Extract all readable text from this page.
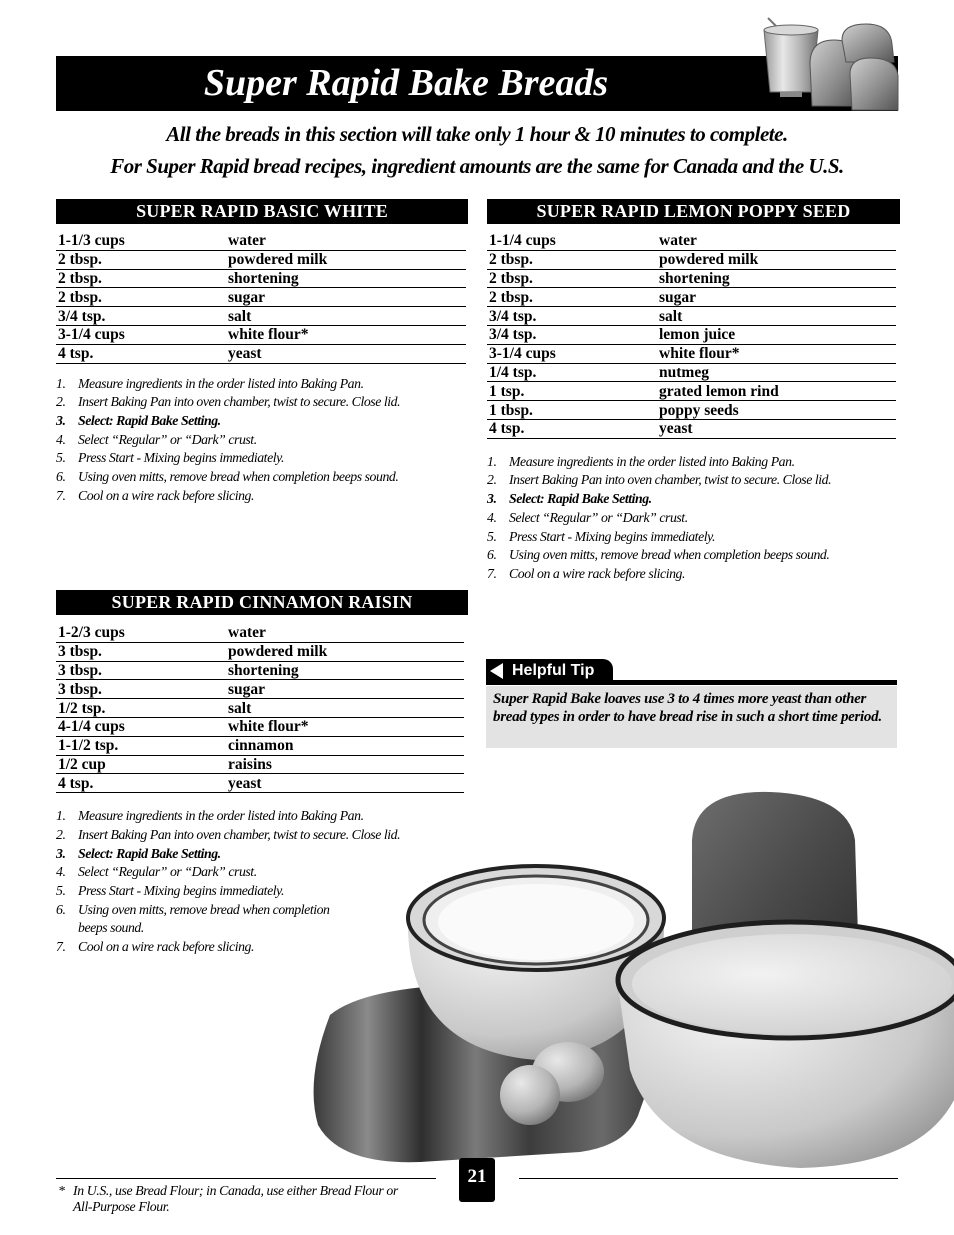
Super Rapid Bake Breads

All the breads in this section will take only 1 hour & 10 minutes to complete.

For Super Rapid bread recipes, ingredient amounts are the same for Canada and the U.S.

SUPER RAPID BASIC WHITE
1-1/3 cups	water
2 tbsp.	powdered milk
2 tbsp.	shortening
2 tbsp.	sugar
3/4 tsp.	salt
3-1/4 cups	white flour*
4 tsp.	yeast
1. Measure ingredients in the order listed into Baking Pan.
2. Insert Baking Pan into oven chamber, twist to secure. Close lid.
3. Select: Rapid Bake Setting.
4. Select “Regular” or “Dark” crust.
5. Press Start - Mixing begins immediately.
6. Using oven mitts, remove bread when completion beeps sound.
7. Cool on a wire rack before slicing.
SUPER RAPID LEMON POPPY SEED
1-1/4 cups	water
2 tbsp.	powdered milk
2 tbsp.	shortening
2 tbsp.	sugar
3/4 tsp.	salt
3/4 tsp.	lemon juice
3-1/4 cups	white flour*
1/4 tsp.	nutmeg
1 tsp.	grated lemon rind
1 tbsp.	poppy seeds
4 tsp.	yeast
1. Measure ingredients in the order listed into Baking Pan.
2. Insert Baking Pan into oven chamber, twist to secure. Close lid.
3. Select: Rapid Bake Setting.
4. Select “Regular” or “Dark” crust.
5. Press Start - Mixing begins immediately.
6. Using oven mitts, remove bread when completion beeps sound.
7. Cool on a wire rack before slicing.
SUPER RAPID CINNAMON RAISIN
1-2/3 cups	water
3 tbsp.	powdered milk
3 tbsp.	shortening
3 tbsp.	sugar
1/2 tsp.	salt
4-1/4 cups	white flour*
1-1/2 tsp.	cinnamon
1/2 cup	raisins
4 tsp.	yeast
1. Measure ingredients in the order listed into Baking Pan.
2. Insert Baking Pan into oven chamber, twist to secure. Close lid.
3. Select: Rapid Bake Setting.
4. Select “Regular” or “Dark” crust.
5. Press Start - Mixing begins immediately.
6. Using oven mitts, remove bread when completion
beeps sound.
7. Cool on a wire rack before slicing.
Helpful Tip

Super Rapid Bake loaves use 3 to 4 times more yeast than other bread types in order to have bread rise in such a short time period.

21

* In U.S., use Bread Flour; in Canada, use either Bread Flour or
All-Purpose Flour.
